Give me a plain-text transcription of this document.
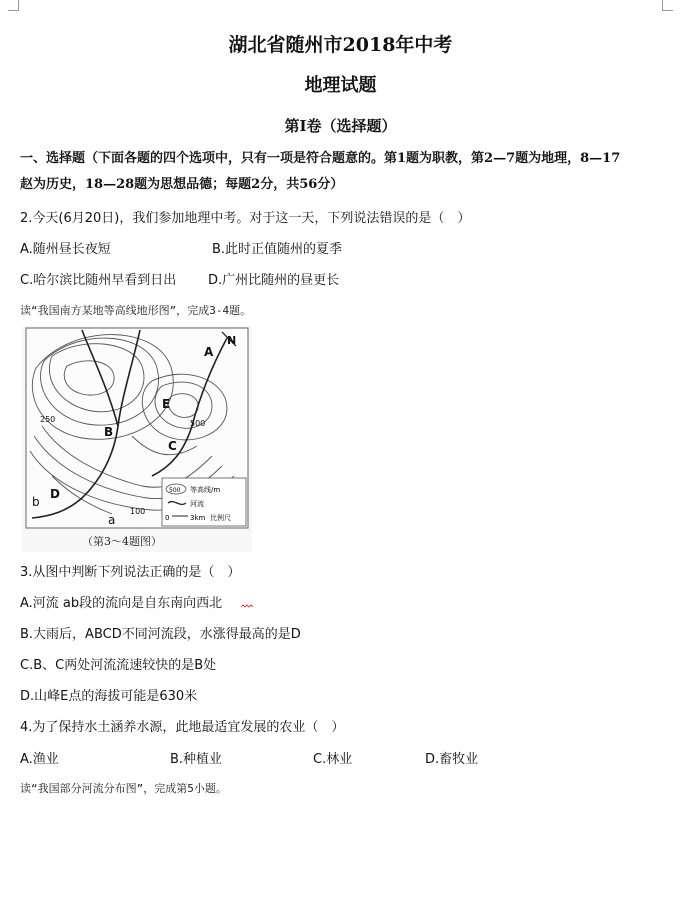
湖北省随州市2018年中考
地理试题
第Ⅰ卷（选择题）
一、选择题（下面各题的四个选项中，只有一项是符合题意的。第1题为职教，第2—7题为地理，8—17
赵为历史，18—28题为思想品德；每题2分，共56分）
2.今天(6月20日)，我们参加地理中考。对于这一天，下列说法错误的是（　）
A.随州昼长夜短	B.此时正值随州的夏季
C.哈尔滨比随州早看到日出 D.广州比随州的昼更长
读“我国南方某地等高线地形图”，完成3-4题。
N
A
B
C
D
E
a
b
250	500
100
500 等高线/m
河流
0	3km 比例尺
（第3～4题图）
3.从图中判断下列说法正确的是（　）
A.河流 ab段的流向是自东南向西北
B.大雨后，ABCD不同河流段，水涨得最高的是D
C.B、C两处河流流速较快的是B处
D.山峰E点的海拔可能是630米
4.为了保持水土涵养水源，此地最适宜发展的农业（　）
A.渔业	B.种植业	C.林业	D.畜牧业
读“我国部分河流分布图”，完成第5小题。
